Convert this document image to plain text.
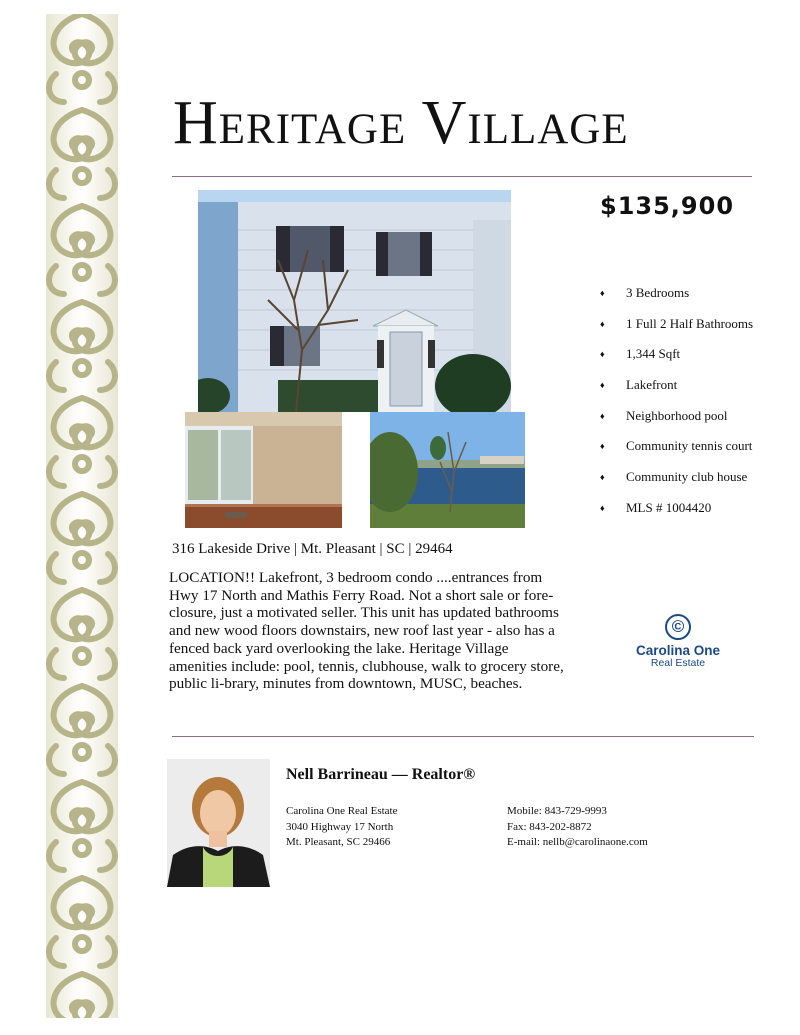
Heritage Village
$135,900
♦ 3 Bedrooms
♦ 1 Full 2 Half Bathrooms
♦ 1,344 Sqft
♦ Lakefront
♦ Neighborhood pool
♦ Community tennis court
♦ Community club house
♦ MLS # 1004420
316 Lakeside Drive | Mt. Pleasant | SC | 29464
LOCATION!! Lakefront, 3 bedroom condo ....entrances from Hwy 17 North and Mathis Ferry Road. Not a short sale or fore-closure, just a motivated seller. This unit has updated bathrooms and new wood floors downstairs, new roof last year - also has a fenced back yard overlooking the lake. Heritage Village amenities include: pool, tennis, clubhouse, walk to grocery store, public li-brary, minutes from downtown, MUSC, beaches.
©
Carolina One
Real Estate
Nell Barrineau — Realtor®
Carolina One Real Estate
3040 Highway 17 North
Mt. Pleasant, SC 29466
Mobile: 843-729-9993
Fax: 843-202-8872
E-mail: nellb@carolinaone.com
